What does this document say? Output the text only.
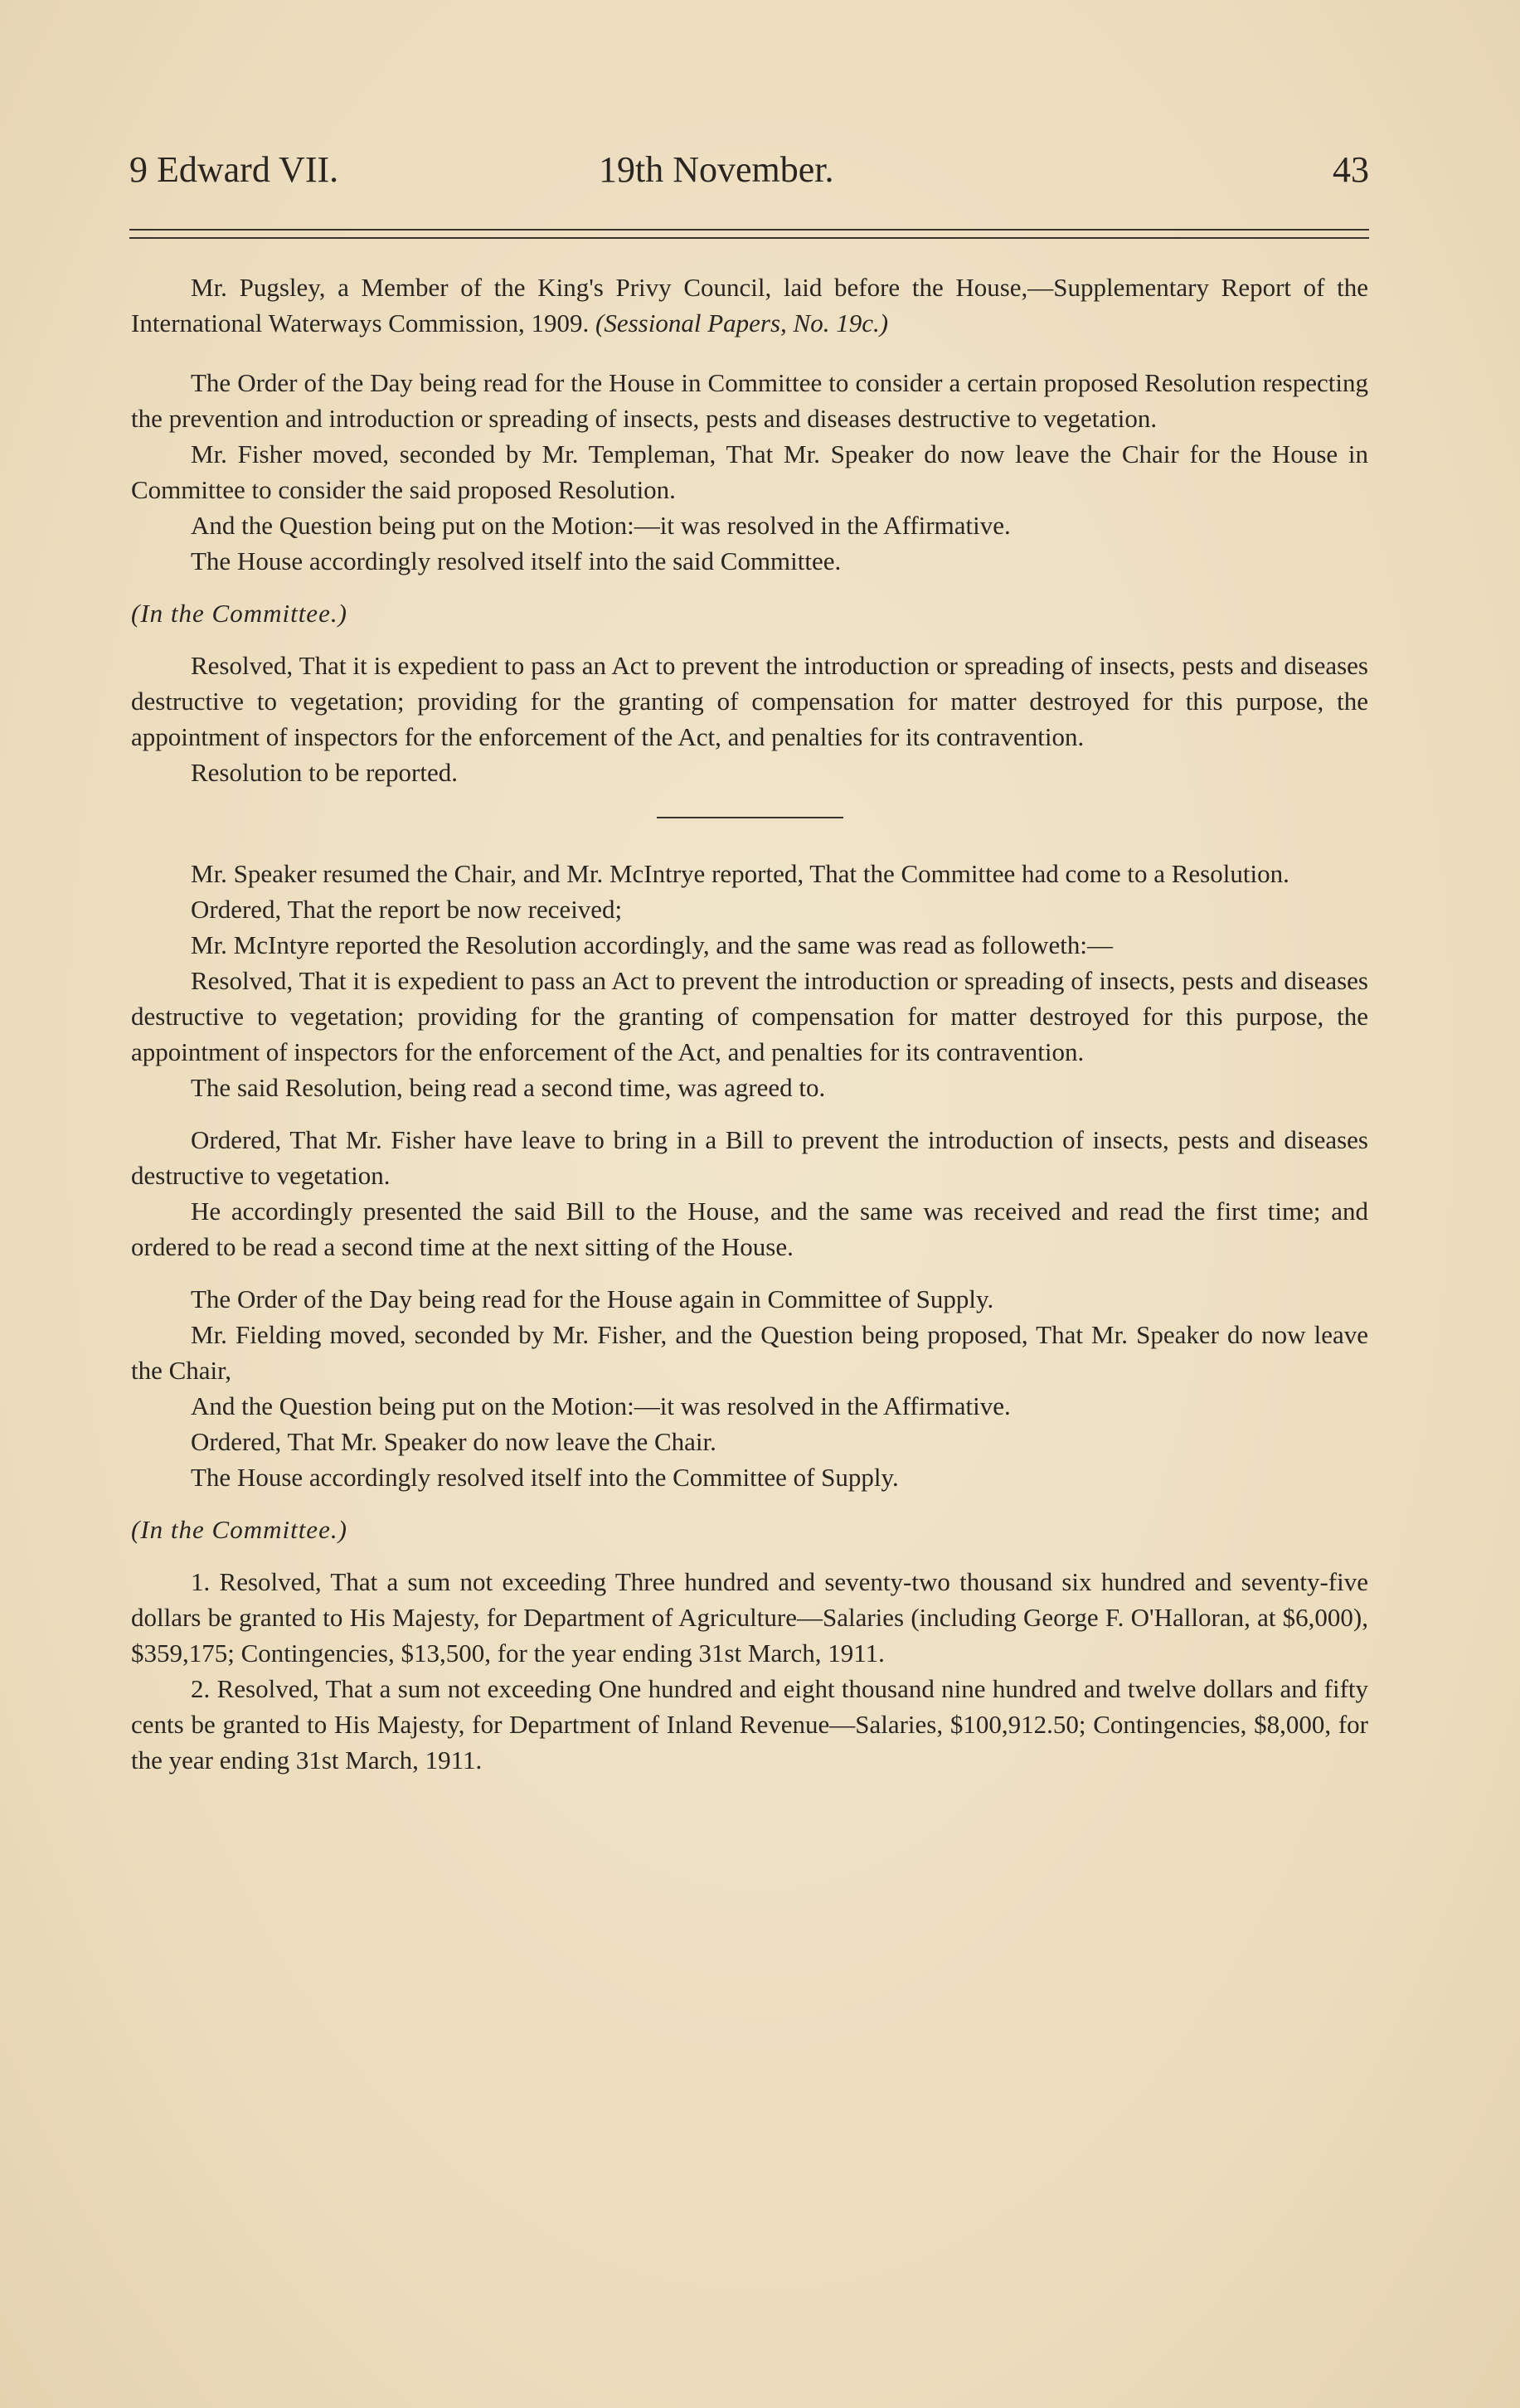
9 Edward VII.	19th November.	43

Mr. Pugsley, a Member of the King's Privy Council, laid before the House,—Supplementary Report of the International Waterways Commission, 1909. (Sessional Papers, No. 19c.)

The Order of the Day being read for the House in Committee to consider a certain proposed Resolution respecting the prevention and introduction or spreading of insects, pests and diseases destructive to vegetation.

Mr. Fisher moved, seconded by Mr. Templeman, That Mr. Speaker do now leave the Chair for the House in Committee to consider the said proposed Resolution.

And the Question being put on the Motion:—it was resolved in the Affirmative.

The House accordingly resolved itself into the said Committee.

(In the Committee.)

Resolved, That it is expedient to pass an Act to prevent the introduction or spreading of insects, pests and diseases destructive to vegetation; providing for the granting of compensation for matter destroyed for this purpose, the appointment of inspectors for the enforcement of the Act, and penalties for its contravention.

Resolution to be reported.

Mr. Speaker resumed the Chair, and Mr. McIntrye reported, That the Committee had come to a Resolution.

Ordered, That the report be now received;

Mr. McIntyre reported the Resolution accordingly, and the same was read as followeth:—

Resolved, That it is expedient to pass an Act to prevent the introduction or spreading of insects, pests and diseases destructive to vegetation; providing for the granting of compensation for matter destroyed for this purpose, the appointment of inspectors for the enforcement of the Act, and penalties for its contravention.

The said Resolution, being read a second time, was agreed to.

Ordered, That Mr. Fisher have leave to bring in a Bill to prevent the introduction of insects, pests and diseases destructive to vegetation.

He accordingly presented the said Bill to the House, and the same was received and read the first time; and ordered to be read a second time at the next sitting of the House.

The Order of the Day being read for the House again in Committee of Supply.

Mr. Fielding moved, seconded by Mr. Fisher, and the Question being proposed, That Mr. Speaker do now leave the Chair,

And the Question being put on the Motion:—it was resolved in the Affirmative.

Ordered, That Mr. Speaker do now leave the Chair.

The House accordingly resolved itself into the Committee of Supply.

(In the Committee.)

1. Resolved, That a sum not exceeding Three hundred and seventy-two thousand six hundred and seventy-five dollars be granted to His Majesty, for Department of Agriculture—Salaries (including George F. O'Halloran, at $6,000), $359,175; Contingencies, $13,500, for the year ending 31st March, 1911.

2. Resolved, That a sum not exceeding One hundred and eight thousand nine hundred and twelve dollars and fifty cents be granted to His Majesty, for Department of Inland Revenue—Salaries, $100,912.50; Contingencies, $8,000, for the year ending 31st March, 1911.
